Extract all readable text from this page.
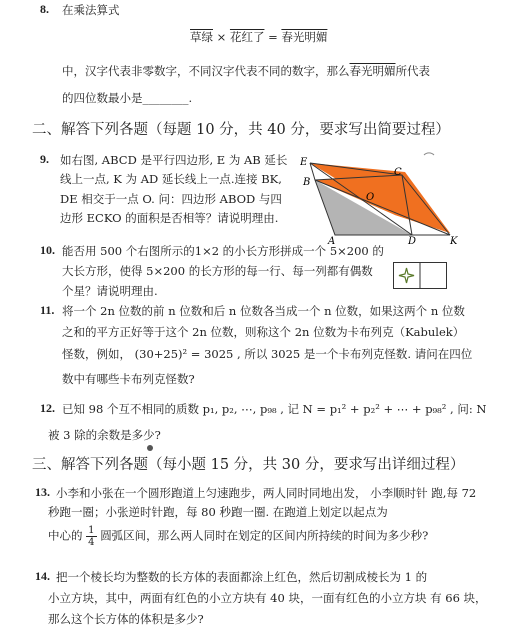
8. 在乘法算式
草绿 × 花红了 = 春光明媚
中，汉字代表非零数字，不同汉字代表不同的数字，那么春光明媚所代表
的四位数最小是________.
二、解答下列各题（每题 10 分，共 40 分，要求写出简要过程）
9. 如右图, ABCD 是平行四边形, E 为 AB 延长
线上一点, K 为 AD 延长线上一点.连接 BK,
DE 相交于一点 O. 问：四边形 ABOD 与四
边形 ECKO 的面积是否相等？请说明理由.
E
B
C
O
A	D	K
10. 能否用 500 个右图所示的1×2 的小长方形拼成一个 5×200 的
大长方形，使得 5×200 的长方形的每一行、每一列都有偶数
个星？请说明理由.
11. 将一个 2n 位数的前 n 位数和后 n 位数各当成一个 n 位数，如果这两个 n 位数
之和的平方正好等于这个 2n 位数，则称这个 2n 位数为卡布列克（Kabulek）
怪数，例如， (30+25)² = 3025 , 所以 3025 是一个卡布列克怪数. 请问在四位
数中有哪些卡布列克怪数?
12. 已知 98 个互不相同的质数 p₁, p₂, ⋯, p₉₈ , 记 N = p₁² + p₂² + ⋯ + p₉₈² , 问: N
被 3 除的余数是多少?
三、解答下列各题（每小题 15 分，共 30 分，要求写出详细过程）
13. 小李和小张在一个圆形跑道上匀速跑步，两人同时同地出发， 小李顺时针 跑,每 72
秒跑一圈；小张逆时针跑，每 80 秒跑一圈. 在跑道上划定以起点为
中心的 $\frac{1}{4}$ 圆弧区间，那么两人同时在划定的区间内所持续的时间为多少秒?
14. 把一个棱长均为整数的长方体的表面都涂上红色，然后切割成棱长为 1 的
小立方块，其中，两面有红色的小立方块有 40 块，一面有红色的小立方块 有 66 块，
那么这个长方体的体积是多少?
